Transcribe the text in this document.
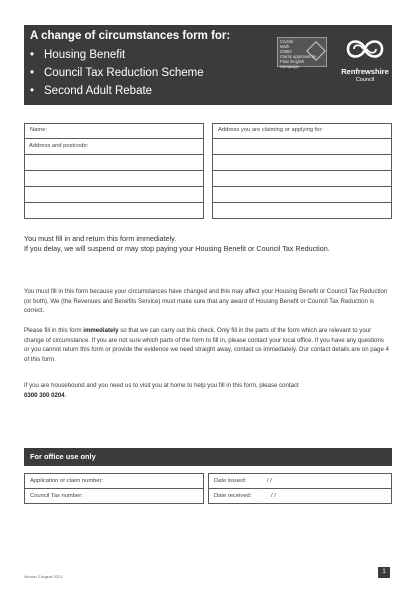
A change of circumstances form for:
• Housing Benefit
• Council Tax Reduction Scheme
• Second Adult Rebate
Crystal
Mark
20983
Clarity approved by
Plain English Campaign
Renfrewshire
Council
Name:
Address and postcode:
Address you are claiming or applying for:
You must fill in and return this form immediately.
If you delay, we will suspend or may stop paying your Housing Benefit or Council Tax Reduction.
You must fill in this form because your circumstances have changed and this may affect your Housing Benefit or Council Tax Reduction (or both). We (the Revenues and Benefits Service) must make sure that any award of Housing Benefit or Council Tax Reduction is correct.
Please fill in this form immediately so that we can carry out this check. Only fill in the parts of the form which are relevant to your change of circumstance. If you are not sure which parts of the form to fill in, please contact your local office. If you have any questions or you cannot return this form or provide the evidence we need straight away, contact us immediately. Our contact details are on page 4 of this form.
If you are housebound and you need us to visit you at home to help you fill in this form, please contact
0300 300 0204.
For office use only
Application or claim number:
Council Tax number:
Date issued:	/ /
Date received:	/ /
Version 2 August 2013
1
